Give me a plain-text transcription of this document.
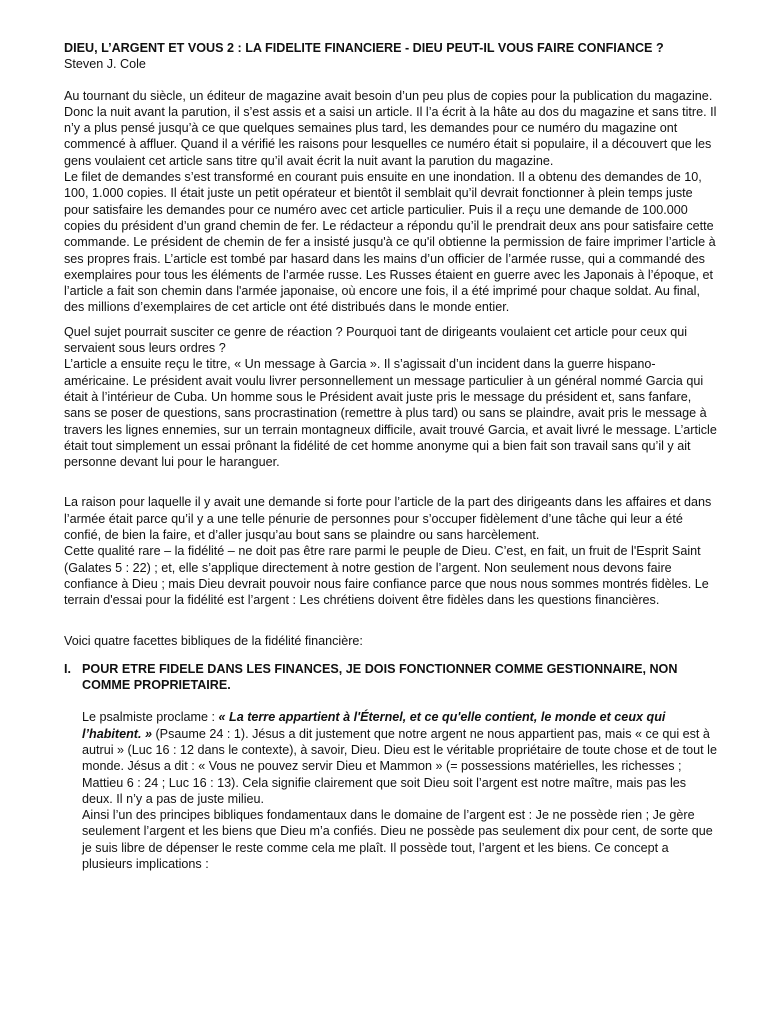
DIEU, L’ARGENT ET VOUS 2 : LA FIDELITE FINANCIERE - DIEU PEUT-IL VOUS FAIRE CONFIANCE ?

Steven J. Cole

Au tournant du siècle, un éditeur de magazine avait besoin d’un peu plus de copies pour la publication du magazine. Donc la nuit avant la parution, il s’est assis et a saisi un article. Il l’a écrit à la hâte au dos du magazine et sans titre. Il n’y a plus pensé jusqu’à ce que quelques semaines plus tard, les demandes pour ce numéro du magazine ont commencé à affluer. Quand il a vérifié les raisons pour lesquelles ce numéro était si populaire, il a découvert que les gens voulaient cet article sans titre qu’il avait écrit la nuit avant la parution du magazine.

Le filet de demandes s’est transformé en courant puis ensuite en une inondation. Il a obtenu des demandes de 10, 100, 1.000 copies. Il était juste un petit opérateur et bientôt il semblait qu’il devrait fonctionner à plein temps juste pour satisfaire les demandes pour ce numéro avec cet article particulier. Puis il a reçu une demande de 100.000 copies du président d’un grand chemin de fer. Le rédacteur a répondu qu’il le prendrait deux ans pour satisfaire cette commande. Le président de chemin de fer a insisté jusqu'à ce qu'il obtienne la permission de faire imprimer l’article à ses propres frais. L’article est tombé par hasard dans les mains d’un officier de l’armée russe, qui a commandé des exemplaires pour tous les éléments de l’armée russe. Les Russes étaient en guerre avec les Japonais à l’époque, et l’article a fait son chemin dans l'armée japonaise, où encore une fois, il a été imprimé pour chaque soldat. Au final, des millions d’exemplaires de cet article ont été distribués dans le monde entier.

Quel sujet pourrait susciter ce genre de réaction ? Pourquoi tant de dirigeants voulaient cet article pour ceux qui servaient sous leurs ordres ?

L’article a ensuite reçu le titre, « Un message à Garcia ». Il s’agissait d’un incident dans la guerre hispano-américaine. Le président avait voulu livrer personnellement un message particulier à un général nommé Garcia qui était à l’intérieur de Cuba. Un homme sous le Président avait juste pris le message du président et, sans fanfare, sans se poser de questions, sans procrastination (remettre à plus tard) ou sans se plaindre, avait pris le message à travers les lignes ennemies, sur un terrain montagneux difficile, avait trouvé Garcia, et avait livré le message. L’article était tout simplement un essai prônant la fidélité de cet homme anonyme qui a bien fait son travail sans qu’il y ait personne devant lui pour le haranguer.

La raison pour laquelle il y avait une demande si forte pour l’article de la part des dirigeants dans les affaires et dans l’armée était parce qu’il y a une telle pénurie de personnes pour s’occuper fidèlement d’une tâche qui leur a été confié, de bien la faire, et d’aller jusqu’au bout sans se plaindre ou sans harcèlement.

Cette qualité rare – la fidélité – ne doit pas être rare parmi le peuple de Dieu. C’est, en fait, un fruit de l'Esprit Saint (Galates 5 : 22) ; et, elle s’applique directement à notre gestion de l’argent. Non seulement nous devons faire confiance à Dieu ; mais Dieu devrait pouvoir nous faire confiance parce que nous nous sommes montrés fidèles. Le terrain d'essai pour la fidélité est l’argent : Les chrétiens doivent être fidèles dans les questions financières.

Voici quatre facettes bibliques de la fidélité financière:

I. POUR ETRE FIDELE DANS LES FINANCES, JE DOIS FONCTIONNER COMME GESTIONNAIRE, NON COMME PROPRIETAIRE.

Le psalmiste proclame : « La terre appartient à l'Éternel, et ce qu'elle contient, le monde et ceux qui l’habitent. » (Psaume 24 : 1). Jésus a dit justement que notre argent ne nous appartient pas, mais « ce qui est à autrui » (Luc 16 : 12 dans le contexte), à savoir, Dieu. Dieu est le véritable propriétaire de toute chose et de tout le monde. Jésus a dit : « Vous ne pouvez servir Dieu et Mammon » (= possessions matérielles, les richesses ; Mattieu 6 : 24 ; Luc 16 : 13). Cela signifie clairement que soit Dieu soit l’argent est notre maître, mais pas les deux. Il n’y a pas de juste milieu.

Ainsi l’un des principes bibliques fondamentaux dans le domaine de l’argent est : Je ne possède rien ; Je gère seulement l’argent et les biens que Dieu m’a confiés. Dieu ne possède pas seulement dix pour cent, de sorte que je suis libre de dépenser le reste comme cela me plaît. Il possède tout, l’argent et les biens. Ce concept a plusieurs implications :
